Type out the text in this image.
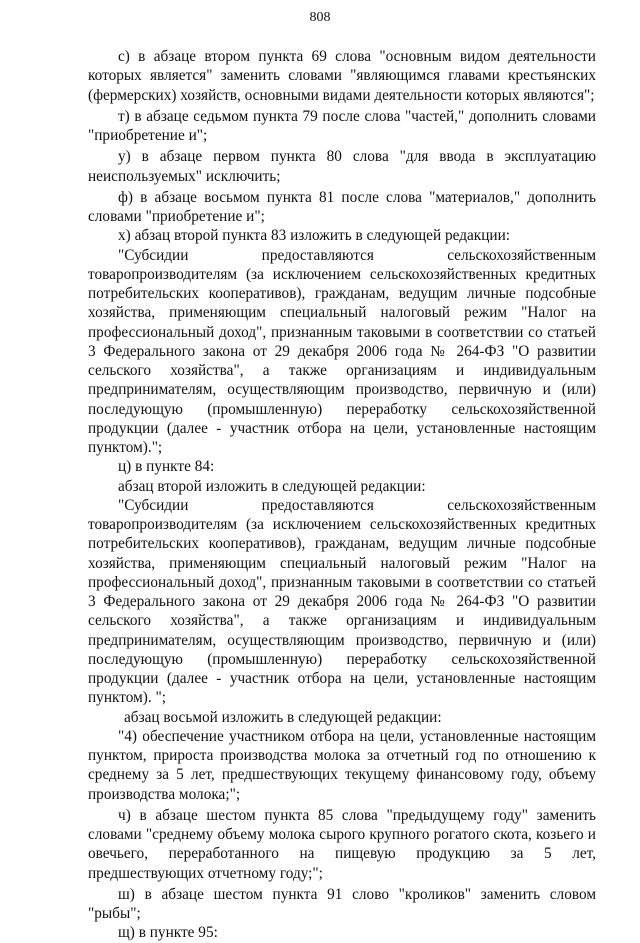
808

с) в абзаце втором пункта 69 слова "основным видом деятельности которых является" заменить словами "являющимся главами крестьянских (фермерских) хозяйств, основными видами деятельности которых являются";

т) в абзаце седьмом пункта 79 после слова "частей," дополнить словами "приобретение и";

у) в абзаце первом пункта 80 слова "для ввода в эксплуатацию неиспользуемых" исключить;

ф) в абзаце восьмом пункта 81 после слова "материалов," дополнить словами "приобретение и";

х) абзац второй пункта 83 изложить в следующей редакции:

"Субсидии предоставляются сельскохозяйственным товаропроизводителям (за исключением сельскохозяйственных кредитных потребительских кооперативов), гражданам, ведущим личные подсобные хозяйства, применяющим специальный налоговый режим "Налог на профессиональный доход", признанным таковыми в соответствии со статьей 3 Федерального закона от 29 декабря 2006 года № 264-ФЗ "О развитии сельского хозяйства", а также организациям и индивидуальным предпринимателям, осуществляющим производство, первичную и (или) последующую (промышленную) переработку сельскохозяйственной продукции (далее - участник отбора на цели, установленные настоящим пунктом).";

ц) в пункте 84:

абзац второй изложить в следующей редакции:

"Субсидии предоставляются сельскохозяйственным товаропроизводителям (за исключением сельскохозяйственных кредитных потребительских кооперативов), гражданам, ведущим личные подсобные хозяйства, применяющим специальный налоговый режим "Налог на профессиональный доход", признанным таковыми в соответствии со статьей 3 Федерального закона от 29 декабря 2006 года № 264-ФЗ "О развитии сельского хозяйства", а также организациям и индивидуальным предпринимателям, осуществляющим производство, первичную и (или) последующую (промышленную) переработку сельскохозяйственной продукции (далее - участник отбора на цели, установленные настоящим пунктом). ";

абзац восьмой изложить в следующей редакции:

"4) обеспечение участником отбора на цели, установленные настоящим пунктом, прироста производства молока за отчетный год по отношению к среднему за 5 лет, предшествующих текущему финансовому году, объему производства молока;";

ч) в абзаце шестом пункта 85 слова "предыдущему году" заменить словами "среднему объему молока сырого крупного рогатого скота, козьего и овечьего, переработанного на пищевую продукцию за 5 лет, предшествующих отчетному году;";

ш) в абзаце шестом пункта 91 слово "кроликов" заменить словом "рыбы";

щ) в пункте 95:
